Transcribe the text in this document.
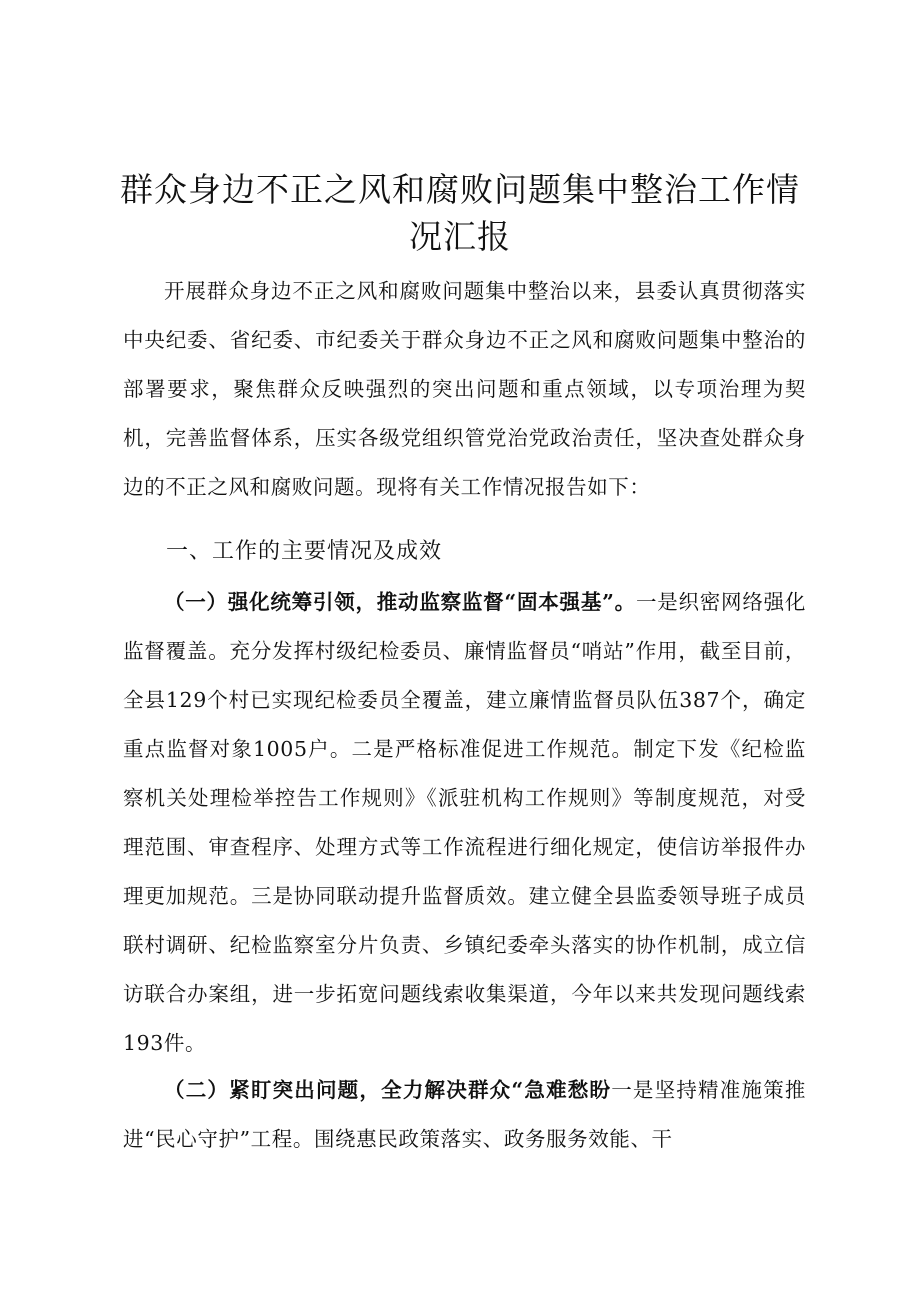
群众身边不正之风和腐败问题集中整治工作情况汇报

开展群众身边不正之风和腐败问题集中整治以来，县委认真贯彻落实中央纪委、省纪委、市纪委关于群众身边不正之风和腐败问题集中整治的部署要求，聚焦群众反映强烈的突出问题和重点领域，以专项治理为契机，完善监督体系，压实各级党组织管党治党政治责任，坚决查处群众身边的不正之风和腐败问题。现将有关工作情况报告如下：

一、工作的主要情况及成效

（一）强化统筹引领，推动监察监督“固本强基”。一是织密网络强化监督覆盖。充分发挥村级纪检委员、廉情监督员“哨站”作用，截至目前，全县129个村已实现纪检委员全覆盖，建立廉情监督员队伍387个，确定重点监督对象1005户。二是严格标准促进工作规范。制定下发《纪检监察机关处理检举控告工作规则》《派驻机构工作规则》等制度规范，对受理范围、审查程序、处理方式等工作流程进行细化规定，使信访举报件办理更加规范。三是协同联动提升监督质效。建立健全县监委领导班子成员联村调研、纪检监察室分片负责、乡镇纪委牵头落实的协作机制，成立信访联合办案组，进一步拓宽问题线索收集渠道，今年以来共发现问题线索193件。

（二）紧盯突出问题，全力解决群众“急难愁盼一是坚持精准施策推进“民心守护”工程。围绕惠民政策落实、政务服务效能、干
